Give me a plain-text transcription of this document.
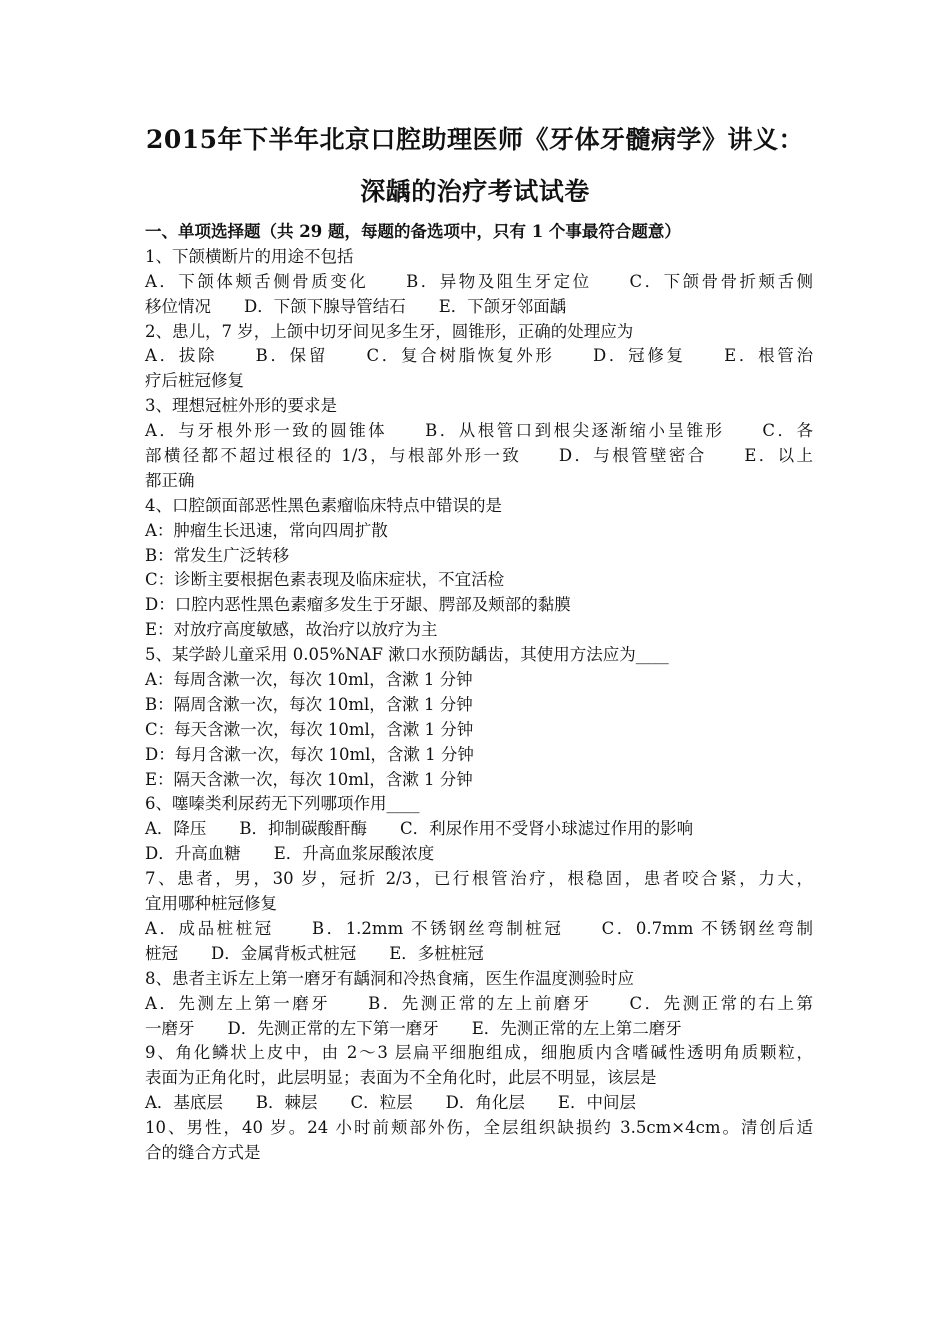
2015年下半年北京口腔助理医师《牙体牙髓病学》讲义：
深龋的治疗考试试卷
一、单项选择题（共 29 题，每题的备选项中，只有 1 个事最符合题意）
1、下颌横断片的用途不包括
A．下颌体颊舌侧骨质变化　　B．异物及阻生牙定位　　C．下颌骨骨折颊舌侧
移位情况　　D．下颌下腺导管结石　　E．下颌牙邻面龋
2、患儿，7 岁，上颌中切牙间见多生牙，圆锥形，正确的处理应为
A．拔除　　B．保留　　C．复合树脂恢复外形　　D．冠修复　　E．根管治
疗后桩冠修复
3、理想冠桩外形的要求是
A．与牙根外形一致的圆锥体　　B．从根管口到根尖逐渐缩小呈锥形　　C．各
部横径都不超过根径的 1/3，与根部外形一致　　D．与根管壁密合　　E．以上
都正确
4、口腔颌面部恶性黑色素瘤临床特点中错误的是
A：肿瘤生长迅速，常向四周扩散
B：常发生广泛转移
C：诊断主要根据色素表现及临床症状，不宜活检
D：口腔内恶性黑色素瘤多发生于牙龈、腭部及颊部的黏膜
E：对放疗高度敏感，故治疗以放疗为主
5、某学龄儿童采用 0.05%NAF 漱口水预防龋齿，其使用方法应为____
A：每周含漱一次，每次 10ml，含漱 1 分钟
B：隔周含漱一次，每次 10ml，含漱 1 分钟
C：每天含漱一次，每次 10ml，含漱 1 分钟
D：每月含漱一次，每次 10ml，含漱 1 分钟
E：隔天含漱一次，每次 10ml，含漱 1 分钟
6、噻嗪类利尿药无下列哪项作用____
A．降压　　B．抑制碳酸酐酶　　C．利尿作用不受肾小球滤过作用的影响
D．升高血糖　　E．升高血浆尿酸浓度
7、患者，男，30 岁，冠折 2/3，已行根管治疗，根稳固，患者咬合紧，力大，
宜用哪种桩冠修复
A．成品桩桩冠　　B．1.2mm 不锈钢丝弯制桩冠　　C．0.7mm 不锈钢丝弯制
桩冠　　D．金属背板式桩冠　　E．多桩桩冠
8、患者主诉左上第一磨牙有龋洞和冷热食痛，医生作温度测验时应
A．先测左上第一磨牙　　B．先测正常的左上前磨牙　　C．先测正常的右上第
一磨牙　　D．先测正常的左下第一磨牙　　E．先测正常的左上第二磨牙
9、角化鳞状上皮中，由 2～3 层扁平细胞组成，细胞质内含嗜碱性透明角质颗粒，
表面为正角化时，此层明显；表面为不全角化时，此层不明显，该层是
A．基底层　　B．棘层　　C．粒层　　D．角化层　　E．中间层
10、男性，40 岁。24 小时前颊部外伤，全层组织缺损约 3.5cm×4cm。清创后适
合的缝合方式是
